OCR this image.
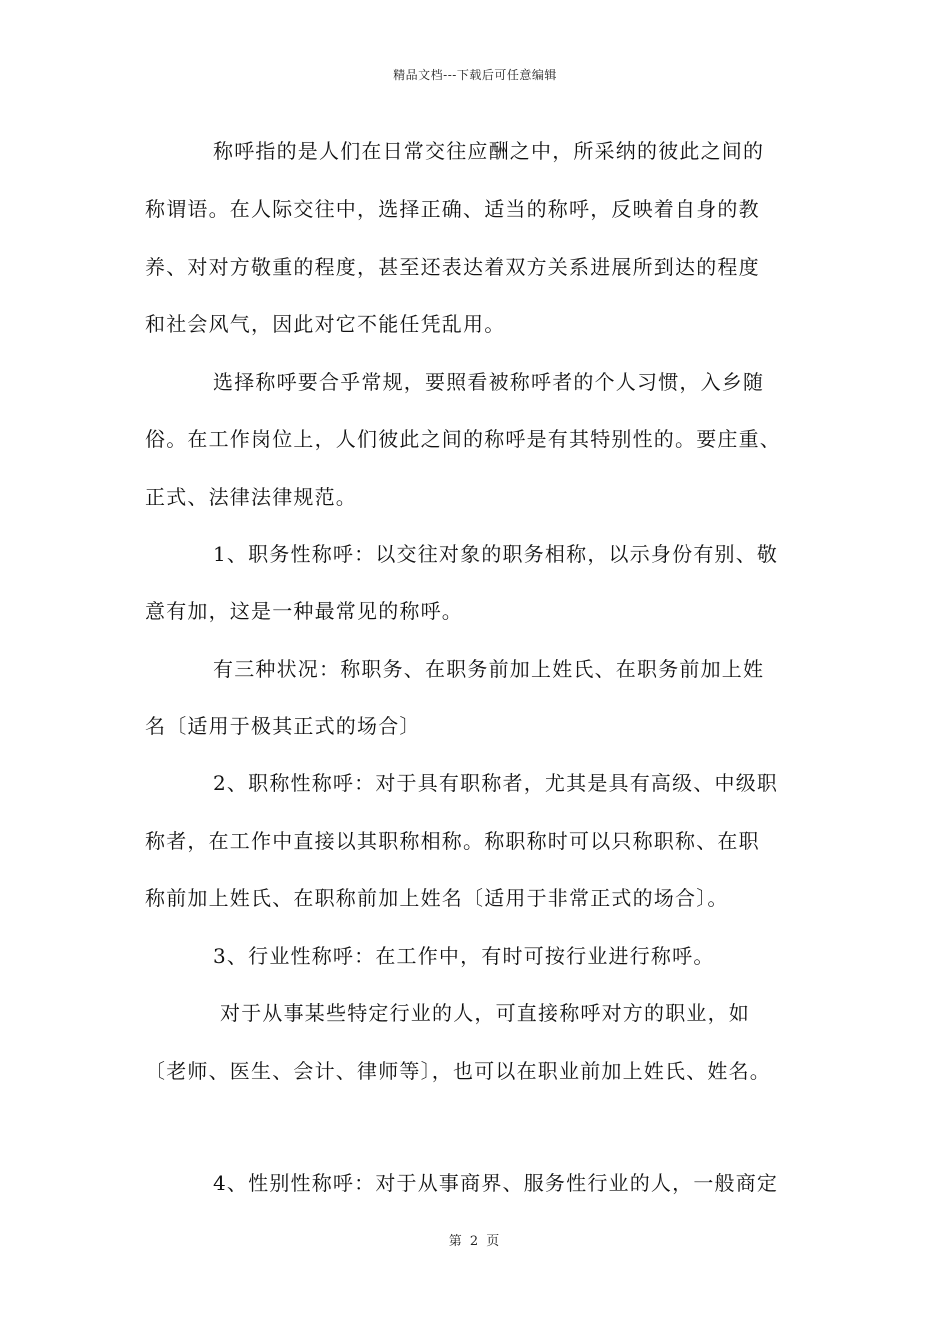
精品文档---下载后可任意编辑
称呼指的是人们在日常交往应酬之中，所采纳的彼此之间的
称谓语。在人际交往中，选择正确、适当的称呼，反映着自身的教
养、对对方敬重的程度，甚至还表达着双方关系进展所到达的程度
和社会风气，因此对它不能任凭乱用。
选择称呼要合乎常规，要照看被称呼者的个人习惯，入乡随
俗。在工作岗位上，人们彼此之间的称呼是有其特别性的。要庄重、
正式、法律法律规范。
1、职务性称呼：以交往对象的职务相称，以示身份有别、敬
意有加，这是一种最常见的称呼。
有三种状况：称职务、在职务前加上姓氏、在职务前加上姓
名〔适用于极其正式的场合〕
2、职称性称呼：对于具有职称者，尤其是具有高级、中级职
称者，在工作中直接以其职称相称。称职称时可以只称职称、在职
称前加上姓氏、在职称前加上姓名〔适用于非常正式的场合〕。
3、行业性称呼：在工作中，有时可按行业进行称呼。
对于从事某些特定行业的人，可直接称呼对方的职业，如
〔老师、医生、会计、律师等〕，也可以在职业前加上姓氏、姓名。
4、性别性称呼：对于从事商界、服务性行业的人，一般商定
第 2 页
